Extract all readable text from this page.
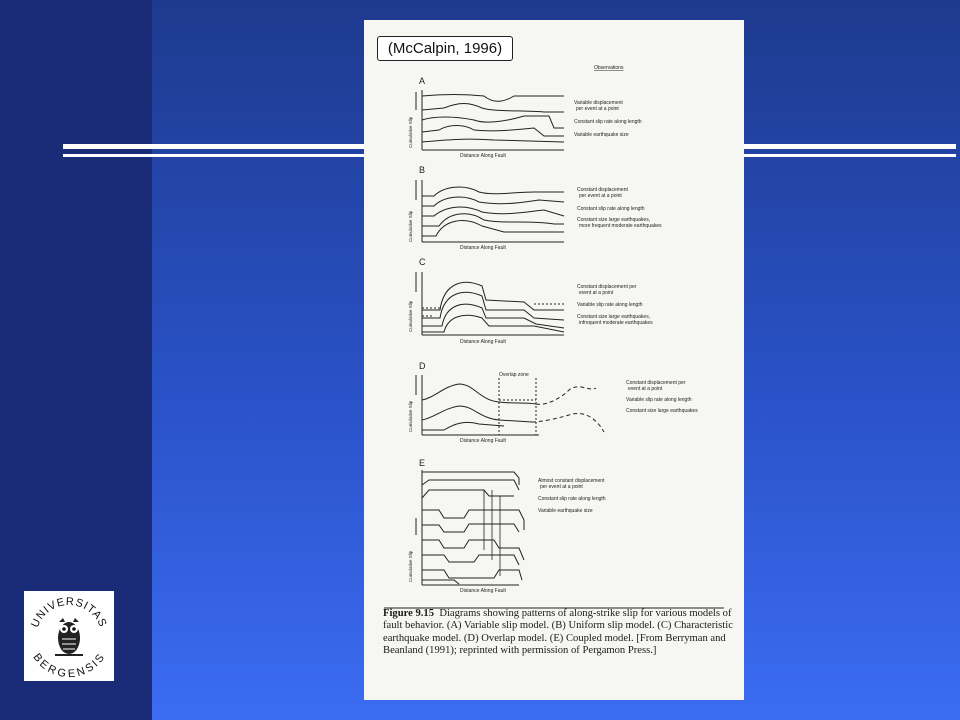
UNIVERSITAS
BERGENSIS
(McCalpin, 1996)
Observations
A
Cumulative Slip
Distance Along Fault
Variable displacement
per event at a point
Constant slip rate along length
Variable earthquake size
B
Cumulative Slip
Distance Along Fault
Constant displacement
per event at a point
Constant slip rate along length
Constant size large earthquakes,
more frequent moderate earthquakes
C
Cumulative Slip
Distance Along Fault
Constant displacement per
event at a point
Variable slip rate along length
Constant size large earthquakes,
infrequent moderate earthquakes
D
Overlap zone
Cumulative Slip
Distance Along Fault
Constant displacement per
event at a point
Variable slip rate along length
Constant size large earthquakes
E
Cumulative Slip
Distance Along Fault
Almost constant displacement
per event at a point
Constant slip rate along length
Variable earthquake size
Figure 9.15 Diagrams showing patterns of along-strike slip for various models of fault behavior. (A) Variable slip model. (B) Uniform slip model. (C) Characteristic earthquake model. (D) Overlap model. (E) Coupled model. [From Berryman and Beanland (1991); reprinted with permission of Pergamon Press.]
